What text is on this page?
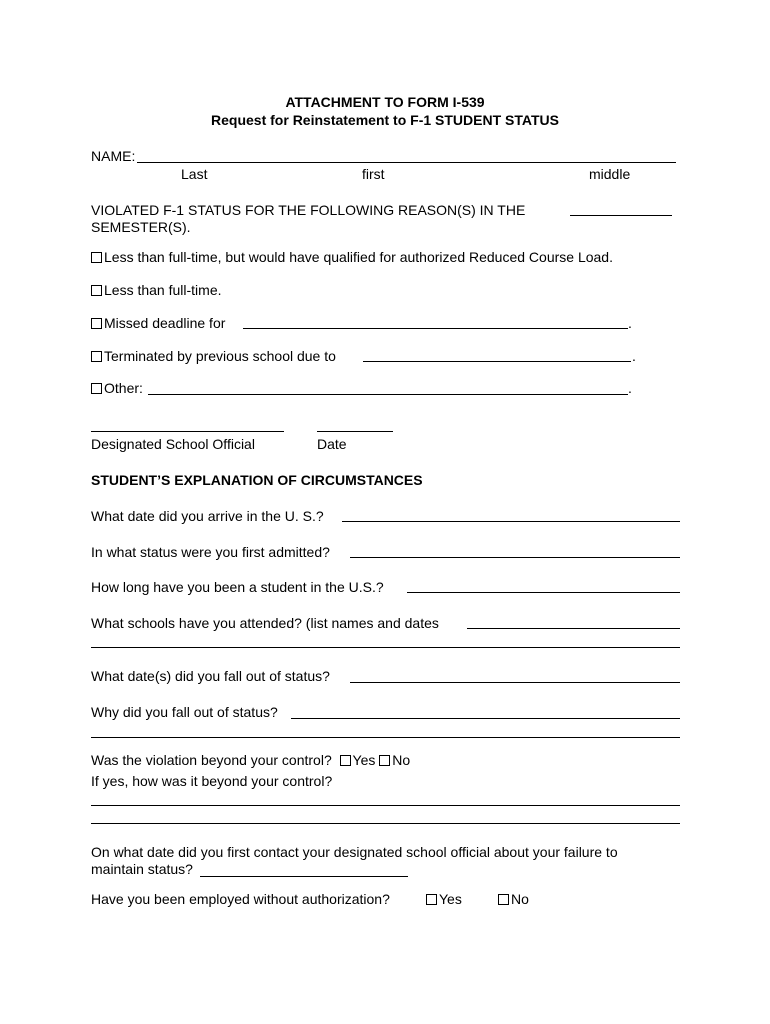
ATTACHMENT TO FORM I-539
Request for Reinstatement to F-1 STUDENT STATUS
NAME:
Last	first	middle
VIOLATED F-1 STATUS FOR THE FOLLOWING REASON(S) IN THE
SEMESTER(S).
Less than full-time, but would have qualified for authorized Reduced Course Load.
Less than full-time.
Missed deadline for	.
Terminated by previous school due to	.
Other:	.
Designated School Official	Date
STUDENT’S EXPLANATION OF CIRCUMSTANCES
What date did you arrive in the U. S.?
In what status were you first admitted?
How long have you been a student in the U.S.?
What schools have you attended? (list names and dates
What date(s) did you fall out of status?
Why did you fall out of status?
Was the violation beyond your control? Yes No
If yes, how was it beyond your control?
On what date did you first contact your designated school official about your failure to
maintain status?
Have you been employed without authorization?	Yes	No
